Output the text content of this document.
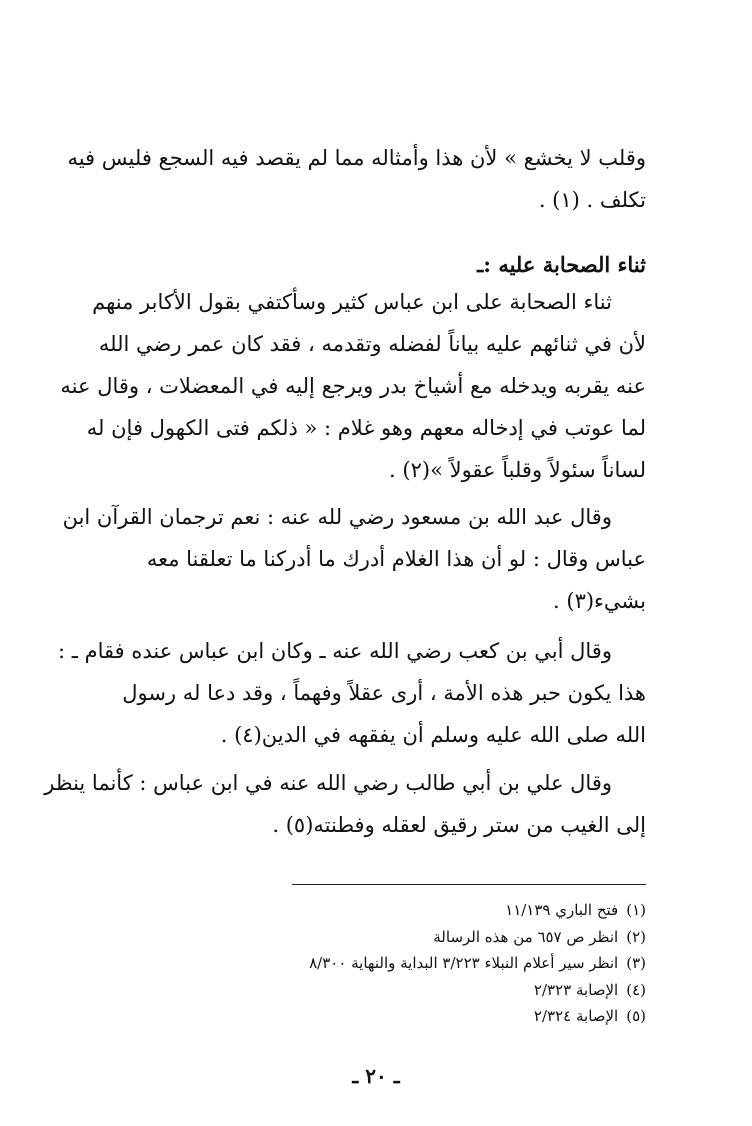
وقلب لا يخشع » لأن هذا وأمثاله مما لم يقصد فيه السجع فليس فيه
تكلف . (١) .
ثناء الصحابة عليه :ـ
ثناء الصحابة على ابن عباس كثير وسأكتفي بقول الأكابر منهم
لأن في ثنائهم عليه بياناً لفضله وتقدمه ، فقد كان عمر رضي الله
عنه يقربه ويدخله مع أشياخ بدر ويرجع إليه في المعضلات ، وقال عنه
لما عوتب في إدخاله معهم وهو غلام : « ذلكم فتى الكهول فإن له
لساناً سئولاً وقلباً عقولاً »(٢) .
وقال عبد الله بن مسعود رضي لله عنه : نعم ترجمان القرآن ابن
عباس وقال : لو أن هذا الغلام أدرك ما أدركنا ما تعلقنا معه
بشيء(٣) .
وقال أبي بن كعب رضي الله عنه ـ وكان ابن عباس عنده فقام ـ :
هذا يكون حبر هذه الأمة ، أرى عقلاً وفهماً ، وقد دعا له رسول
الله صلى الله عليه وسلم أن يفقهه في الدين(٤) .
وقال علي بن أبي طالب رضي الله عنه في ابن عباس : كأنما ينظر
إلى الغيب من ستر رقيق لعقله وفطنته(٥) .
(١)فتح الباري ١١/١٣٩
(٢)انظر ص ٦٥٧ من هذه الرسالة
(٣)انظر سير أعلام النبلاء ٣/٢٢٣ البداية والنهاية ٨/٣٠٠
(٤)الإصابة ٢/٣٢٣
(٥)الإصابة ٢/٣٢٤
ـ ٢٠ ـ
